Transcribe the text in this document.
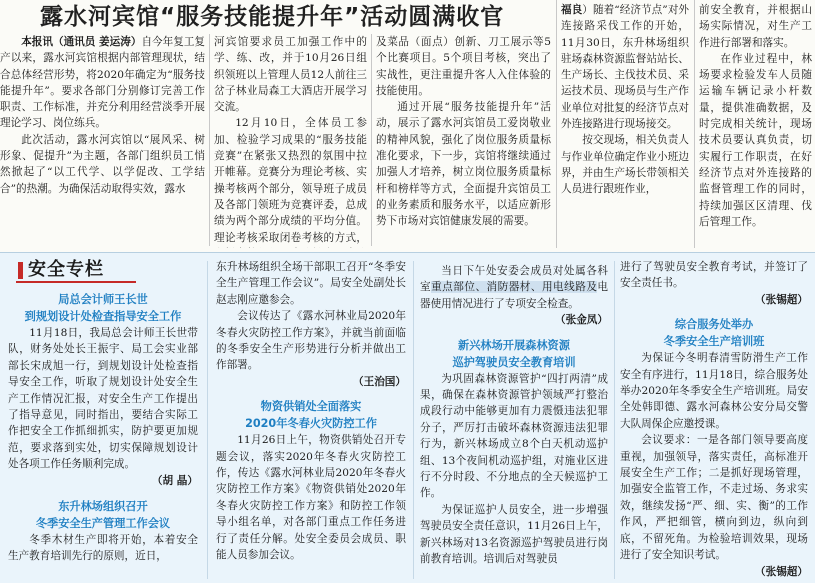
露水河宾馆“服务技能提升年”活动圆满收官

本报讯（通讯员 姜运涛）自今年复工复产以来，露水河宾馆根据内部管理现状，结合总体经营形势，将2020年确定为“服务技能提升年”。要求各部门分别修订完善工作职责、工作标准，并充分利用经营淡季开展理论学习、岗位练兵。

此次活动，露水河宾馆以“展风采、树形象、促提升”为主题，各部门组织员工悄然掀起了“以工代学、以学促改、工学结合”的热潮。为确保活动取得实效，露水

河宾馆要求员工加强工作中的学、练、改，并于10月26日组织领班以上管理人员12人前往三岔子林业局森工大酒店开展学习交流。

12月10日，全体员工参加、检验学习成果的“服务技能竞赛”在紧张又热烈的氛围中拉开帷幕。竞赛分为理论考核、实操考核两个部分，领导班子成员及各部门领班为竞赛评委，总成绩为两个部分成绩的平均分值。理论考核采取闭卷考核的方式，

及菜品（面点）创新、刀工展示等5个比赛项目。5个项目考核，突出了实战性，更注重提升客人入住体验的技能使用。

通过开展“服务技能提升年”活动，展示了露水河宾馆员工爱岗敬业的精神风貌，强化了岗位服务质量标准化要求，下一步，宾馆将继续通过加强人才培养，树立岗位服务质量标杆和榜样等方式，全面提升宾馆员工的业务素质和服务水平，以适应新形势下市场对宾馆健康发展的需要。

福良）随着“经济节点”对外连接路采伐工作的开始，11月30日，东升林场组织驻场森林资源监督站站长、生产场长、主伐技术员、采运技术员、现场员与生产作业单位对批复的经济节点对外连接路进行现场接交。

按交现场，相关负责人与作业单位确定作业小班边界，并由生产场长带领相关人员进行跟班作业，

前安全教育，并根据山场实际情况，对生产工作进行部署和落实。

在作业过程中，林场要求检验发车人员随运输车辆记录小杆数量，提供准确数据，及时完成相关统计，现场技术员要认真负责，切实履行工作职责，在好经济节点对外连接路的监督管理工作的同时，持续加强区区清理、伐后管理工作。

安全专栏

局总会计师王长世

到规划设计处检查指导安全工作

11月18日，我局总会计师王长世带队，财务处处长王振宇、局工会实业部部长宋成旭一行，到规划设计处检查指导安全工作，听取了规划设计处安全生产工作情况汇报，对安全生产工作提出了指导意见，同时指出，要结合实际工作把安全工作抓细抓实，防护要更加规范，要求落到实处，切实保障规划设计处各项工作任务顺利完成。

（胡 晶）

东升林场组织召开

冬季安全生产管理工作会议

冬季木材生产即将开始，本着安全生产教育培训先行的原则，近日，

东升林场组织全场干部职工召开“冬季安全生产管理工作会议”。局安全处副处长赵志刚应邀参会。

会议传达了《露水河林业局2020年冬春火灾防控工作方案》，并就当前面临的冬季安全生产形势进行分析并做出工作部署。

（王治国）

物资供销处全面落实

2020年冬春火灾防控工作

11月26日上午，物资供销处召开专题会议，落实2020年冬春火灾防控工作，传达《露水河林业局2020年冬春火灾防控工作方案》《物资供销处2020年冬春火灾防控工作方案》和防控工作领导小组名单，对各部门重点工作任务进行了责任分解。处安全委员会成员、职能人员参加会议。

当日下午处安委会成员对处属各科室重点部位、消防器材、用电线路及电器使用情况进行了专项安全检查。

（张金凤）

新兴林场开展森林资源

巡护驾驶员安全教育培训

为巩固森林资源管护“四打两清”成果，确保在森林资源管护领域严打整治成段行动中能够更加有力震慑违法犯罪分子，严厉打击破坏森林资源违法犯罪行为，新兴林场成立8个白天机动巡护组、13个夜间机动巡护组，对施业区进行不分时段、不分地点的全天候巡护工作。

为保证巡护人员安全，进一步增强驾驶员安全责任意识，11月26日上午，新兴林场对13名资源巡护驾驶员进行岗前教育培训。培训后对驾驶员

进行了驾驶员安全教育考试，并签订了安全责任书。

（张锡超）

综合服务处举办

冬季安全生产培训班

为保证今冬明春清雪防滑生产工作安全有序进行，11月18日，综合服务处举办2020年冬季安全生产培训班。局安全处韩即德、露水河森林公安分局交警大队周保企应邀授课。

会议要求：一是各部门领导要高度重视，加强领导，落实责任，高标准开展安全生产工作；二是抓好现场管理，加强安全监管工作，不走过场、务求实效，继续发扬“严、细、实、衡”的工作作风，严把细管，横向到边，纵向到底，不留死角。为检验培训效果，现场进行了安全知识考试。

（张锡超）
